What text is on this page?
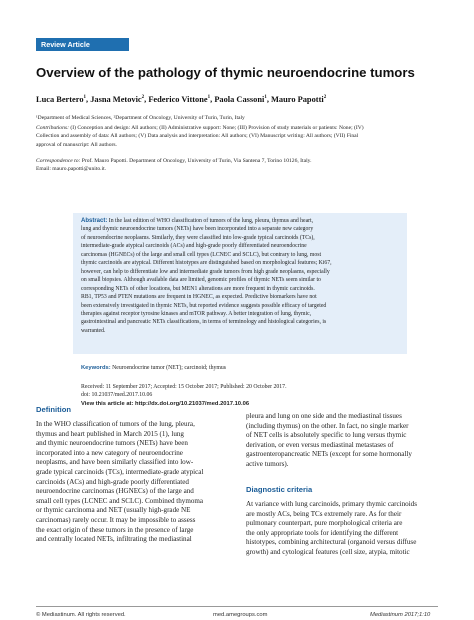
Review Article
Overview of the pathology of thymic neuroendocrine tumors
Luca Bertero$^1$, Jasna Metovic$^2$, Federico Vittone$^1$, Paola Cassoni$^1$, Mauro Papotti$^2$
¹Department of Medical Sciences, ²Department of Oncology, University of Turin, Turin, Italy
Contributions: (I) Conception and design: All authors; (II) Administrative support: None; (III) Provision of study materials or patients: None; (IV)
Collection and assembly of data: All authors; (V) Data analysis and interpretation: All authors; (VI) Manuscript writing: All authors; (VII) Final
approval of manuscript: All authors.
Correspondence to: Prof. Mauro Papotti. Department of Oncology, University of Turin, Via Santena 7, Torino 10126, Italy.
Email: mauro.papotti@unito.it.
Abstract: In the last edition of WHO classification of tumors of the lung, pleura, thymus and heart,
lung and thymic neuroendocrine tumors (NETs) have been incorporated into a separate new category
of neuroendocrine neoplasms. Similarly, they were classified into low-grade typical carcinoids (TCs),
intermediate-grade atypical carcinoids (ACs) and high-grade poorly differentiated neuroendocrine
carcinomas (HGNECs) of the large and small cell types (LCNEC and SCLC), but contrary to lung, most
thymic carcinoids are atypical. Different histotypes are distinguished based on morphological features; Ki67,
however, can help to differentiate low and intermediate grade tumors from high grade neoplasms, especially
on small biopsies. Although available data are limited, genomic profiles of thymic NETs seem similar to
corresponding NETs of other locations, but MEN1 alterations are more frequent in thymic carcinoids.
RB1, TP53 and PTEN mutations are frequent in HGNEC, as expected. Predictive biomarkers have not
been extensively investigated in thymic NETs, but reported evidence suggests possible efficacy of targeted
therapies against receptor tyrosine kinases and mTOR pathway. A better integration of lung, thymic,
gastrointestinal and pancreatic NETs classifications, in terms of terminology and histological categories, is
warranted.
Keywords: Neuroendocrine tumor (NET); carcinoid; thymus
Received: 11 September 2017; Accepted: 15 October 2017; Published: 20 October 2017.
doi: 10.21037/med.2017.10.06
View this article at: http://dx.doi.org/10.21037/med.2017.10.06
Definition
In the WHO classification of tumors of the lung, pleura,
thymus and heart published in March 2015 (1), lung
and thymic neuroendocrine tumors (NETs) have been
incorporated into a new category of neuroendocrine
neoplasms, and have been similarly classified into low-
grade typical carcinoids (TCs), intermediate-grade atypical
carcinoids (ACs) and high-grade poorly differentiated
neuroendocrine carcinomas (HGNECs) of the large and
small cell types (LCNEC and SCLC). Combined thymoma
or thymic carcinoma and NET (usually high-grade NE
carcinomas) rarely occur. It may be impossible to assess
the exact origin of these tumors in the presence of large
and centrally located NETs, infiltrating the mediastinal
pleura and lung on one side and the mediastinal tissues
(including thymus) on the other. In fact, no single marker
of NET cells is absolutely specific to lung versus thymic
derivation, or even versus mediastinal metastases of
gastroenteropancreatic NETs (except for some hormonally
active tumors).
Diagnostic criteria
At variance with lung carcinoids, primary thymic carcinoids
are mostly ACs, being TCs extremely rare. As for their
pulmonary counterpart, pure morphological criteria are
the only appropriate tools for identifying the different
histotypes, combining architectural (organoid versus diffuse
growth) and cytological features (cell size, atypia, mitotic
© Mediastinum. All rights reserved.	med.amegroups.com	Mediastinum 2017;1:10
